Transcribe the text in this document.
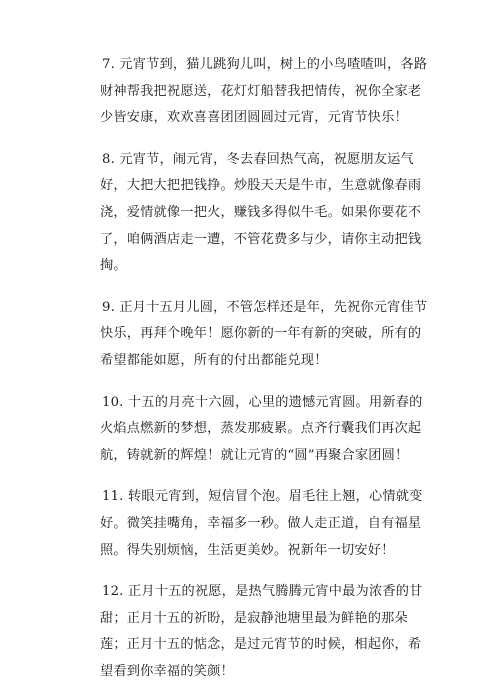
7. 元宵节到，猫儿跳狗儿叫，树上的小鸟喳喳叫，各路财神帮我把祝愿送，花灯灯船替我把情传，祝你全家老少皆安康，欢欢喜喜团团圆圆过元宵，元宵节快乐！

8. 元宵节，闹元宵，冬去春回热气高，祝愿朋友运气好，大把大把把钱挣。炒股天天是牛市，生意就像春雨浇，爱情就像一把火，赚钱多得似牛毛。如果你要花不了，咱俩酒店走一遭，不管花费多与少，请你主动把钱掏。

9. 正月十五月儿圆，不管怎样还是年，先祝你元宵佳节快乐，再拜个晚年！愿你新的一年有新的突破，所有的希望都能如愿，所有的付出都能兑现！

10. 十五的月亮十六圆，心里的遗憾元宵圆。用新春的火焰点燃新的梦想，蒸发那疲累。点齐行囊我们再次起航，铸就新的辉煌！就让元宵的“圆”再聚合家团圆！

11. 转眼元宵到，短信冒个泡。眉毛往上翘，心情就变好。微笑挂嘴角，幸福多一秒。做人走正道，自有福星照。得失别烦恼，生活更美妙。祝新年一切安好！

12. 正月十五的祝愿，是热气腾腾元宵中最为浓香的甘甜；正月十五的祈盼，是寂静池塘里最为鲜艳的那朵莲；正月十五的惦念，是过元宵节的时候，相起你，希望看到你幸福的笑颜！
